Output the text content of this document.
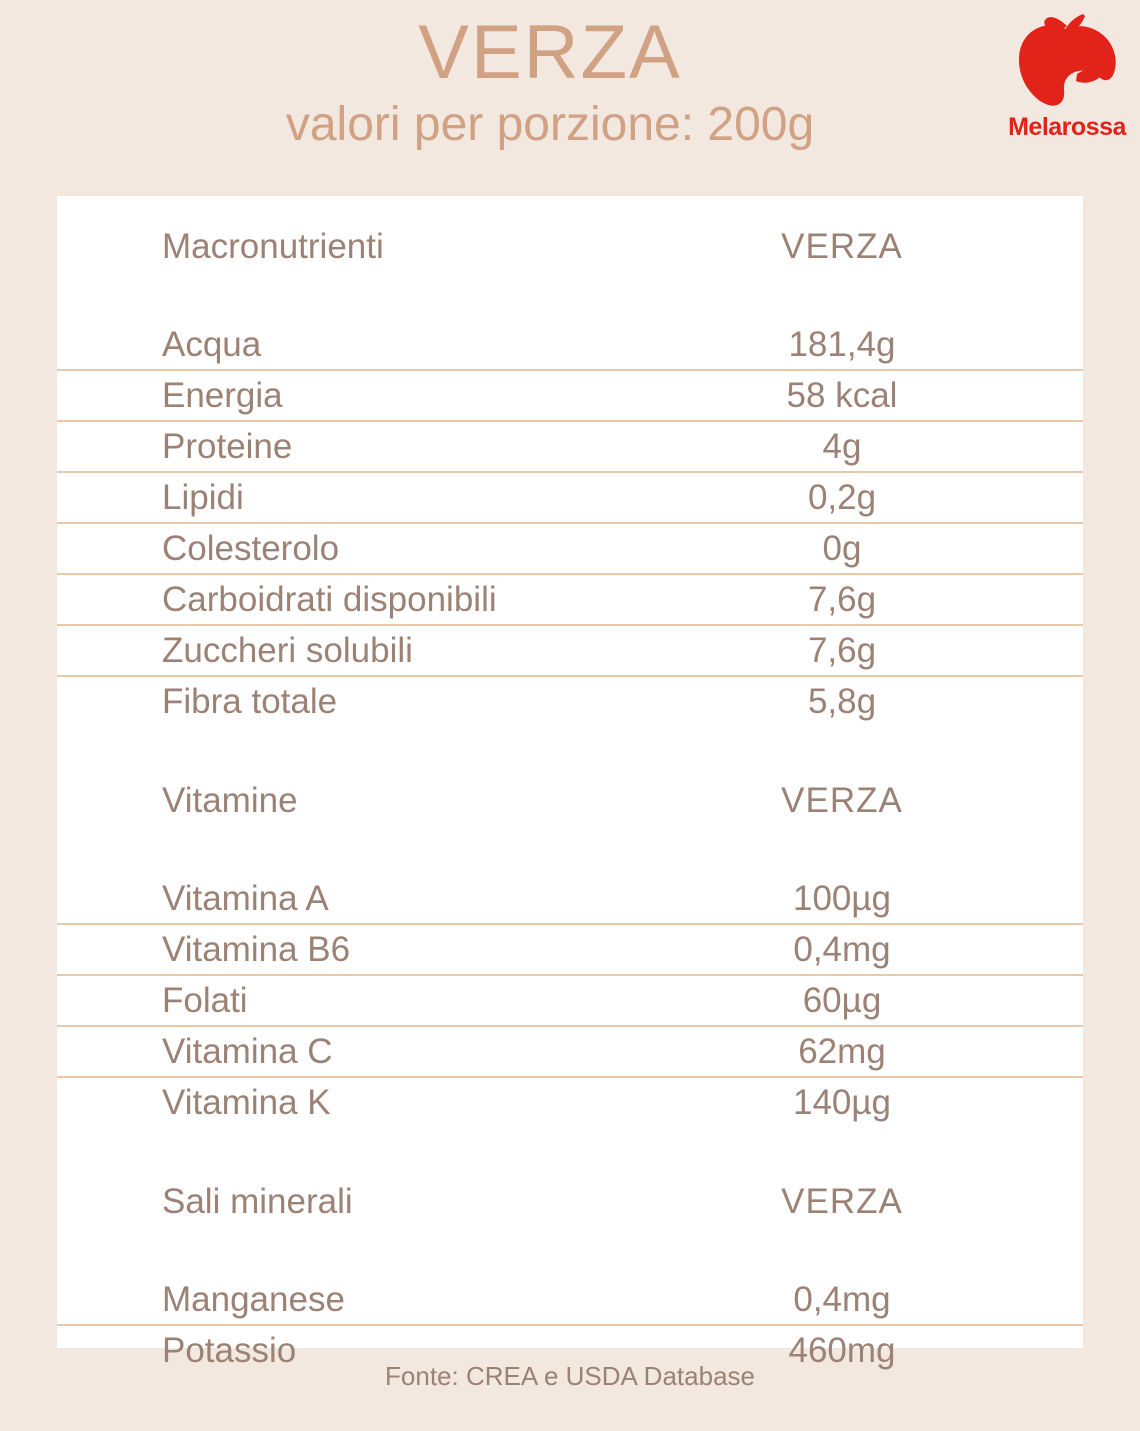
VERZA
valori per porzione: 200g	Melarossa
Macronutrienti	VERZA
Acqua	181,4g
Energia	58 kcal
Proteine	4g
Lipidi	0,2g
Colesterolo	0g
Carboidrati disponibili	7,6g
Zuccheri solubili	7,6g
Fibra totale	5,8g
Vitamine	VERZA
Vitamina A	100µg
Vitamina B6	0,4mg
Folati	60µg
Vitamina C	62mg
Vitamina K	140µg
Sali minerali	VERZA
Manganese	0,4mg
Potassio	460mg
Fonte: CREA e USDA Database
